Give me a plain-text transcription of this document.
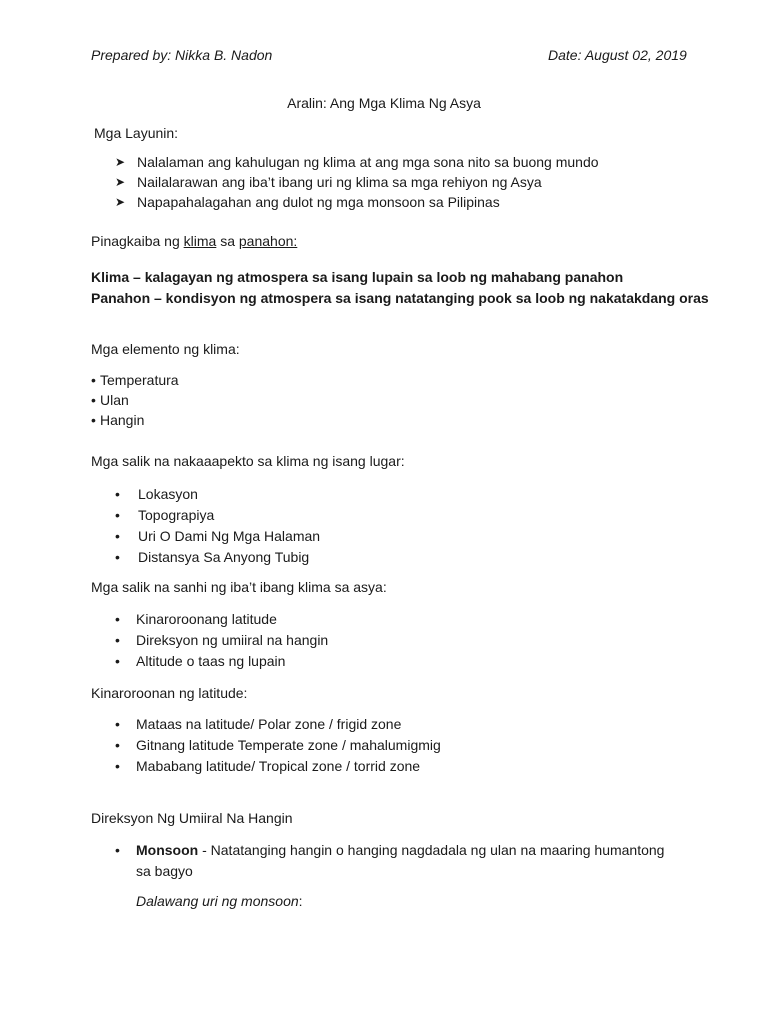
Prepared by: Nikka B. Nadon	Date: August 02, 2019
Aralin: Ang Mga Klima Ng Asya
Mga Layunin:
➤ Nalalaman ang kahulugan ng klima at ang mga sona nito sa buong mundo
➤ Nailalarawan ang iba’t ibang uri ng klima sa mga rehiyon ng Asya
➤ Napapahalagahan ang dulot ng mga monsoon sa Pilipinas
Pinagkaiba ng klima sa panahon:
Klima – kalagayan ng atmospera sa isang lupain sa loob ng mahabang panahon
Panahon – kondisyon ng atmospera sa isang natatanging pook sa loob ng nakatakdang oras
Mga elemento ng klima:
• Temperatura
• Ulan
• Hangin
Mga salik na nakaaapekto sa klima ng isang lugar:
• Lokasyon
• Topograpiya
• Uri O Dami Ng Mga Halaman
• Distansya Sa Anyong Tubig
Mga salik na sanhi ng iba’t ibang klima sa asya:
• Kinaroroonang latitude
• Direksyon ng umiiral na hangin
• Altitude o taas ng lupain
Kinaroroonan ng latitude:
• Mataas na latitude/ Polar zone / frigid zone
• Gitnang latitude Temperate zone / mahalumigmig
• Mababang latitude/ Tropical zone / torrid zone
Direksyon Ng Umiiral Na Hangin
• Monsoon - Natatanging hangin o hanging nagdadala ng ulan na maaring humantong
sa bagyo
Dalawang uri ng monsoon:
